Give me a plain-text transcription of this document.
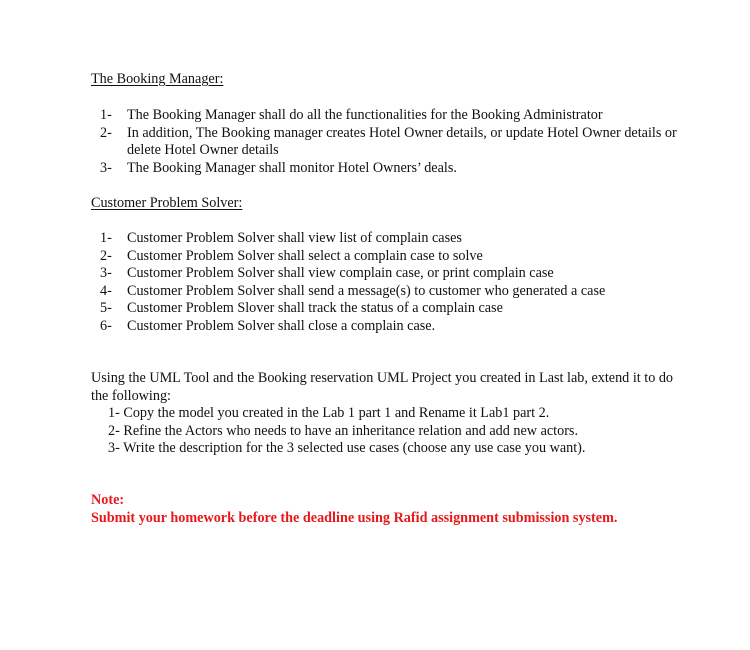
The Booking Manager:
1-	The Booking Manager shall do all the functionalities for the Booking Administrator
2-	In addition, The Booking manager creates Hotel Owner details, or update Hotel Owner details or delete Hotel Owner details
3-	The Booking Manager shall monitor Hotel Owners’ deals.
Customer Problem Solver:
1-	Customer Problem Solver shall view list of complain cases
2-	Customer Problem Solver shall select a complain case to solve
3-	Customer Problem Solver shall view complain case, or print complain case
4-	Customer Problem Solver shall send a message(s) to customer who generated a case
5-	Customer Problem Slover shall track the status of a complain case
6-	Customer Problem Solver shall close a complain case.

Using the UML Tool and the Booking reservation UML Project you created in Last lab, extend it to do the following:

1- Copy the model you created in the Lab 1 part 1 and Rename it Lab1 part 2.
2- Refine the Actors who needs to have an inheritance relation and add new actors.
3- Write the description for the 3 selected use cases (choose any use case you want).
Note:
Submit your homework before the deadline using Rafid assignment submission system.
